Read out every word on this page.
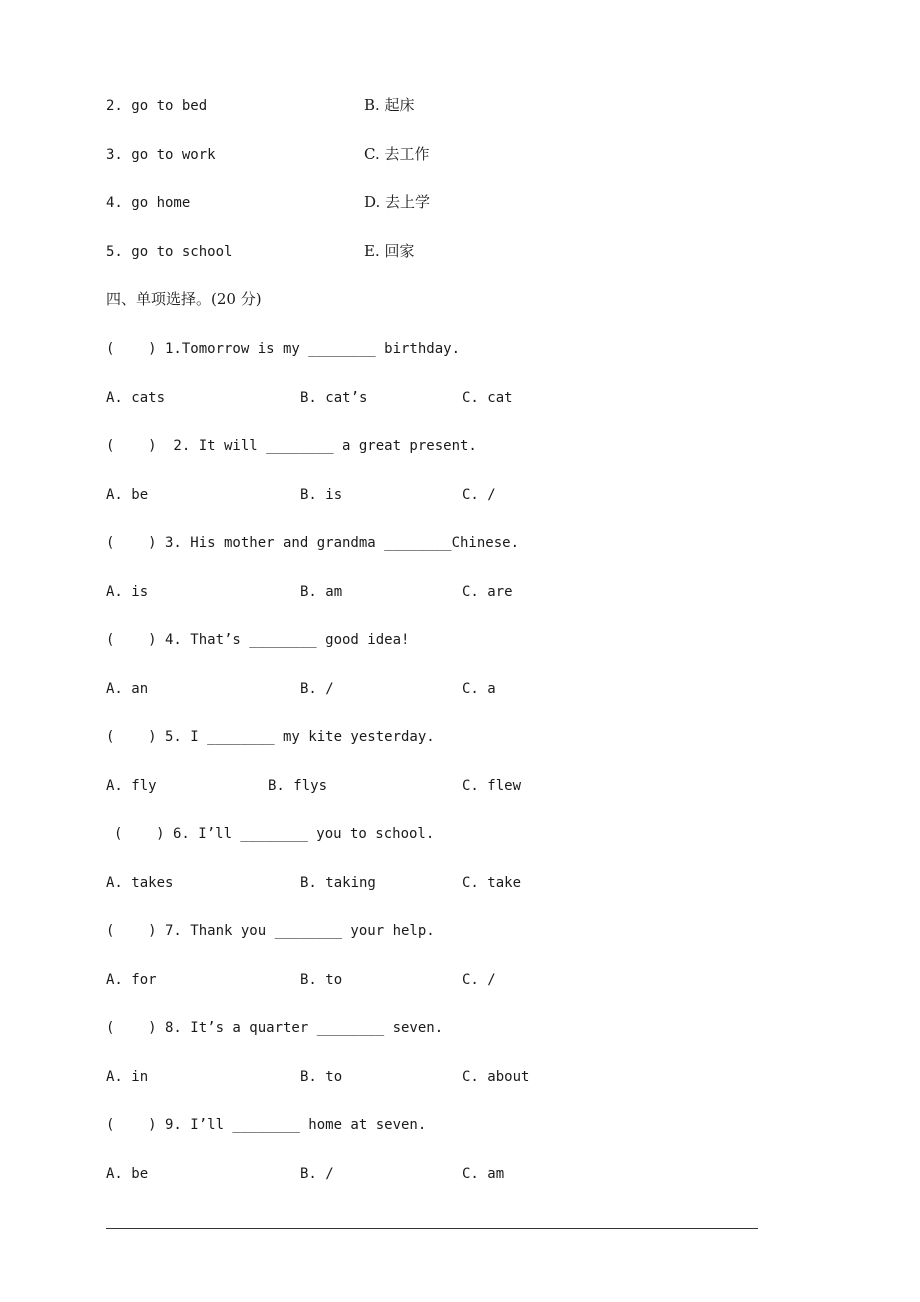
2. go to bed	B. 起床
3. go to work	C. 去工作
4. go home	D. 去上学
5. go to school	E. 回家
四、单项选择。(20 分)
(    ) 1.Tomorrow is my ________ birthday.
A. cats	B. cat’s	C. cat
(    )  2. It will ________ a great present.
A. be	B. is	C. /
(    ) 3. His mother and grandma ________Chinese.
A. is	B. am	C. are
(    ) 4. That’s ________ good idea!
A. an	B. /	C. a
(    ) 5. I ________ my kite yesterday.
A. fly	B. flys	C. flew
(    ) 6. I’ll ________ you to school.
A. takes	B. taking	C. take
(    ) 7. Thank you ________ your help.
A. for	B. to	C. /
(    ) 8. It’s a quarter ________ seven.
A. in	B. to	C. about
(    ) 9. I’ll ________ home at seven.
A. be	B. /	C. am
